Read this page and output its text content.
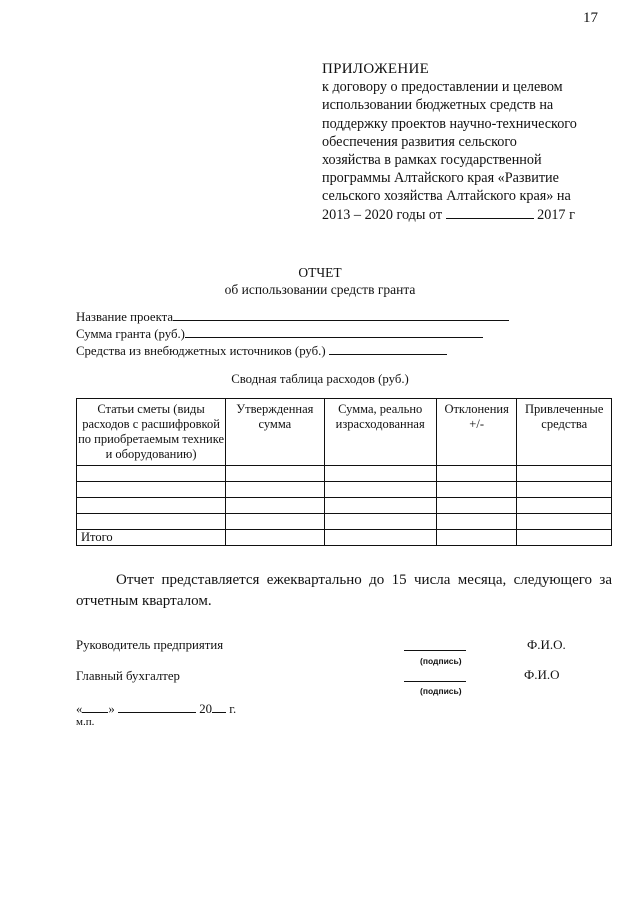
17
ПРИЛОЖЕНИЕ
к договору о предоставлении и целевом
использовании бюджетных средств на
поддержку проектов научно-технического
обеспечения развития сельского
хозяйства в рамках государственной
программы Алтайского края «Развитие
сельского хозяйства Алтайского края» на
2013 – 2020 годы от	2017 г
ОТЧЕТ
об использовании средств гранта
Название проекта
Сумма гранта (руб.)
Средства из внебюджетных источников (руб.)
Сводная таблица расходов (руб.)
Статьи сметы (виды расходов с расшифровкой по приобретаемым технике и оборудованию)	Утвержденная сумма	Сумма, реально израсходованная	Отклонения +/-	Привлеченные средства

Итого				
Отчет представляется ежеквартально до 15 числа месяца, следующего за отчетным кварталом.
Руководитель предприятия
(подпись)
Ф.И.О.
Главный бухгалтер
(подпись)
Ф.И.О
« »	20 г.
м.п.
